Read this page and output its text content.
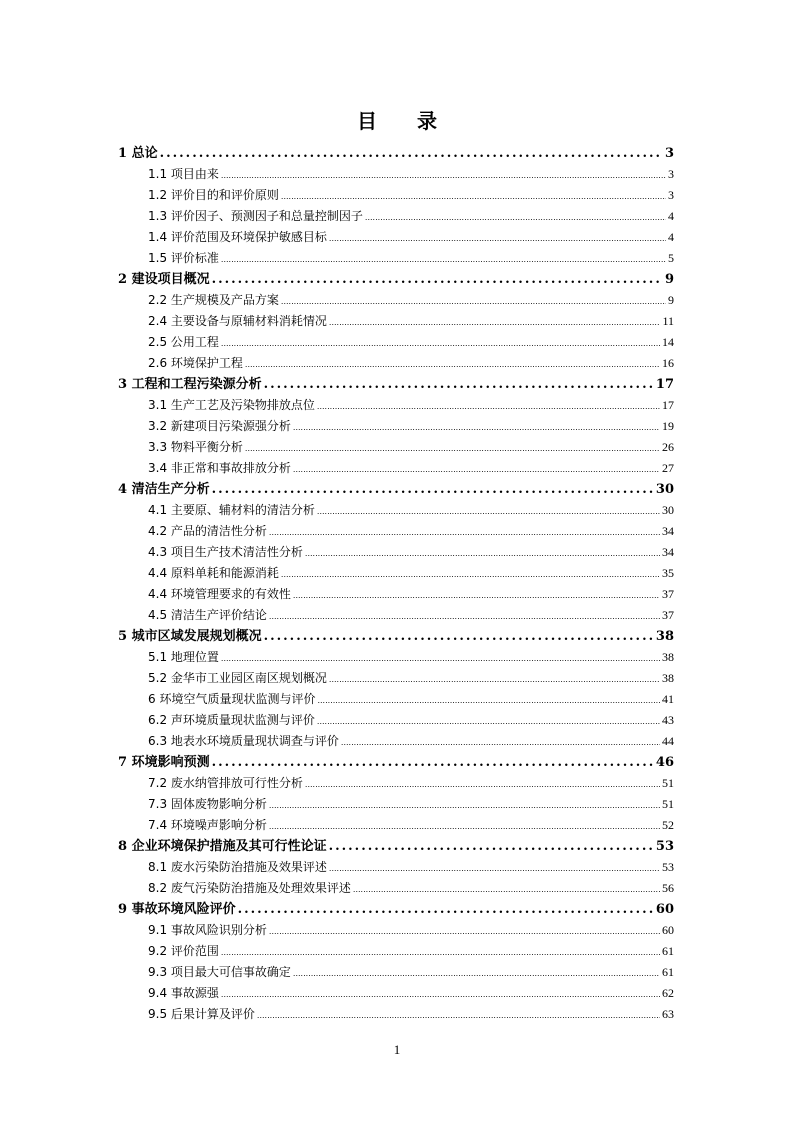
目　　录
1 总论 .....	3
1.1 项目由来 .....	3
1.2 评价目的和评价原则 .....	3
1.3 评价因子、预测因子和总量控制因子 .....	4
1.4 评价范围及环境保护敏感目标 .....	4
1.5 评价标准 .....	5
2 建设项目概况 .....	9
2.2 生产规模及产品方案 .....	9
2.4 主要设备与原辅材料消耗情况 .....	11
2.5 公用工程 .....	14
2.6 环境保护工程 .....	16
3 工程和工程污染源分析 .....	17
3.1 生产工艺及污染物排放点位 .....	17
3.2 新建项目污染源强分析 .....	19
3.3 物料平衡分析 .....	26
3.4 非正常和事故排放分析 .....	27
4 清洁生产分析 .....	30
4.1 主要原、辅材料的清洁分析 .....	30
4.2 产品的清洁性分析 .....	34
4.3 项目生产技术清洁性分析 .....	34
4.4 原料单耗和能源消耗 .....	35
4.4 环境管理要求的有效性 .....	37
4.5 清洁生产评价结论 .....	37
5 城市区域发展规划概况 .....	38
5.1 地理位置 .....	38
5.2 金华市工业园区南区规划概况 .....	38
6 环境空气质量现状监测与评价 .....	41
6.2 声环境质量现状监测与评价 .....	43
6.3 地表水环境质量现状调查与评价 .....	44
7 环境影响预测 .....	46
7.2 废水纳管排放可行性分析 .....	51
7.3 固体废物影响分析 .....	51
7.4 环境噪声影响分析 .....	52
8 企业环境保护措施及其可行性论证 .....	53
8.1 废水污染防治措施及效果评述 .....	53
8.2 废气污染防治措施及处理效果评述 .....	56
9 事故环境风险评价 .....	60
9.1 事故风险识别分析 .....	60
9.2 评价范围 .....	61
9.3 项目最大可信事故确定 .....	61
9.4 事故源强 .....	62
9.5 后果计算及评价 .....	63
1
